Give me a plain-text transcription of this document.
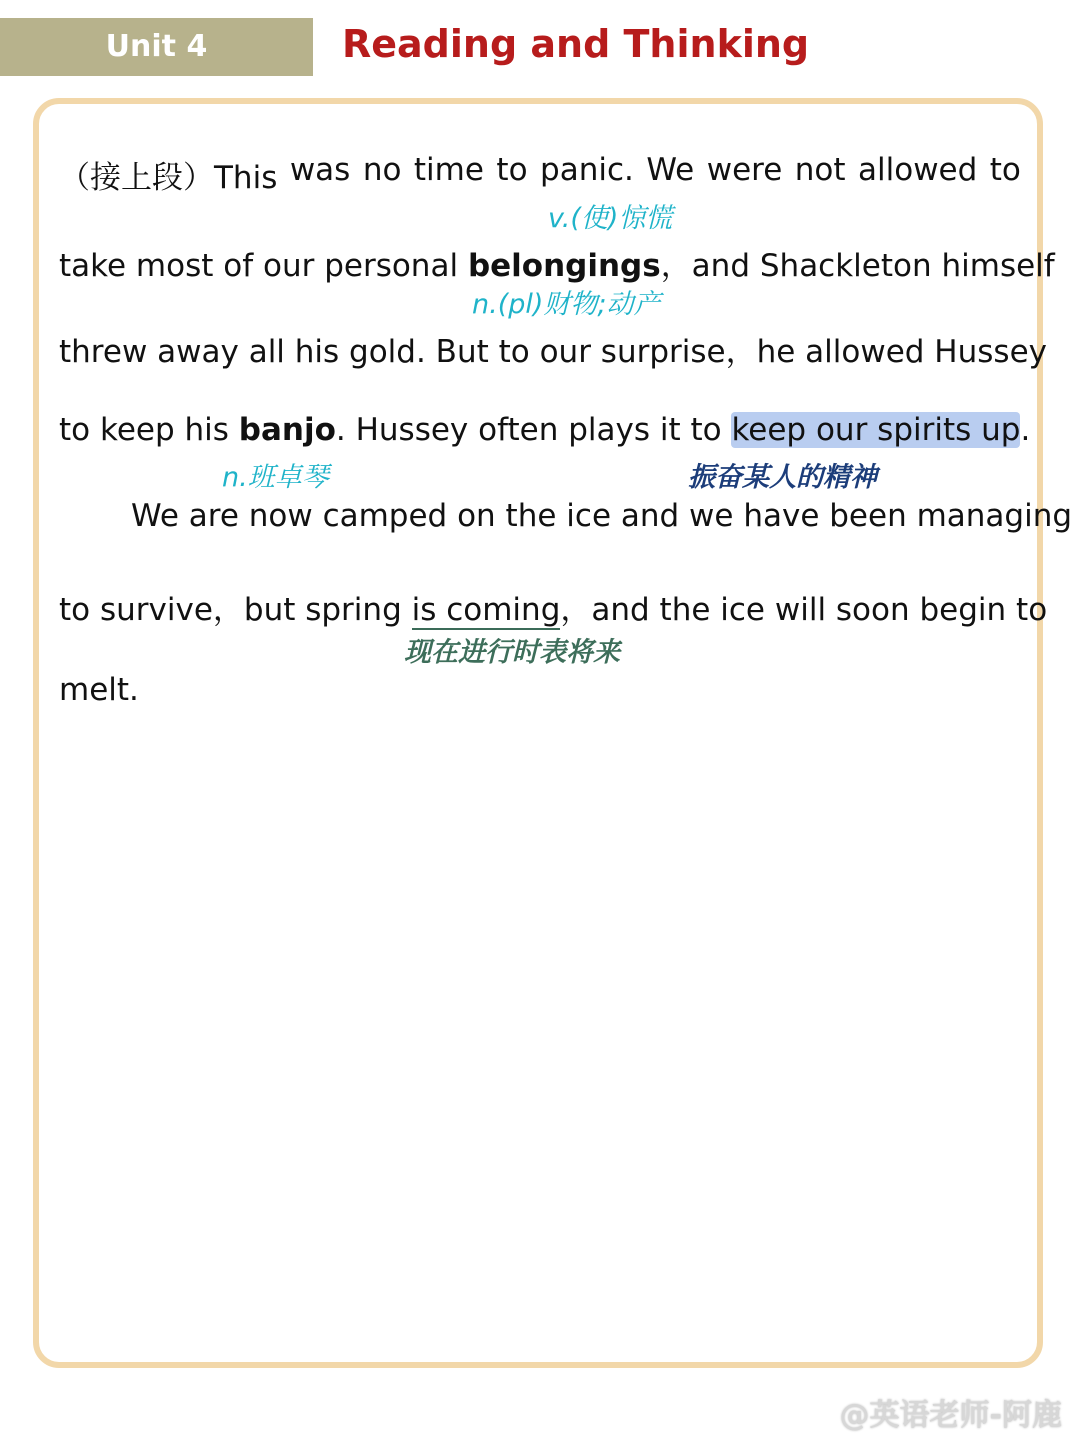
Unit 4	Reading and Thinking
（接上段）This was no time to panic. We were not allowed to
v.(使)惊慌
take most of our personal belongings，and Shackleton himself
n.(pl)财物;动产
threw away all his gold. But to our surprise，he allowed Hussey
to keep his banjo. Hussey often plays it to keep our spirits up.
n.班卓琴	振奋某人的精神
We are now camped on the ice and we have been managing
to survive，but spring is coming，and the ice will soon begin to
现在进行时表将来
melt.
@英语老师-阿鹿
